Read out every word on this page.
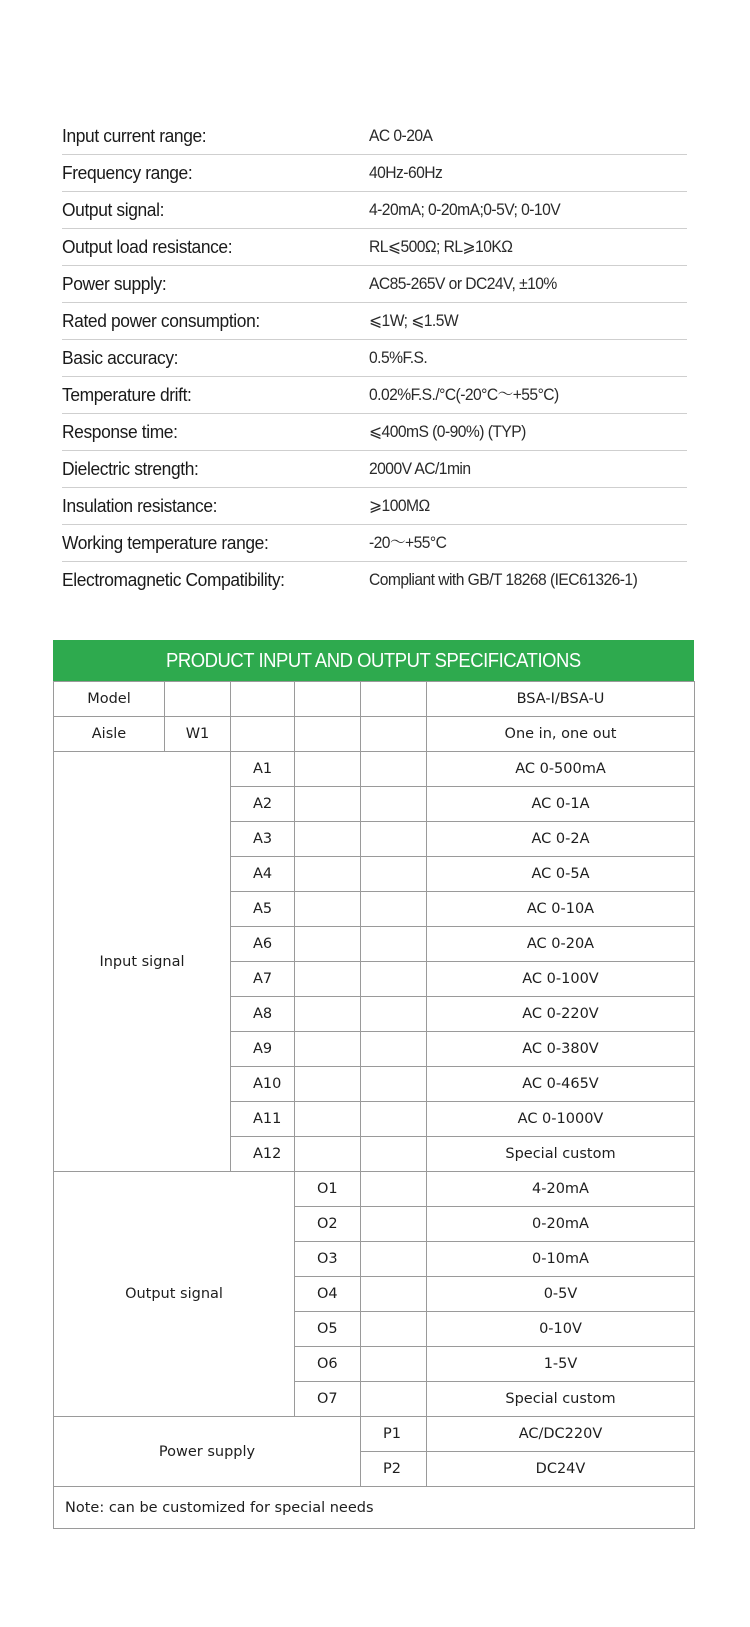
Input current range:	AC 0-20A
Frequency range:	40Hz-60Hz
Output signal:	4-20mA; 0-20mA;0-5V; 0-10V
Output load resistance:	RL⩽500Ω; RL⩾10KΩ
Power supply:	AC85-265V or DC24V, ±10%
Rated power consumption:	⩽1W; ⩽1.5W
Basic accuracy:	0.5%F.S.
Temperature drift:	0.02%F.S./°C(-20°C～+55°C)
Response time:	⩽400mS (0-90%) (TYP)
Dielectric strength:	2000V AC/1min
Insulation resistance:	⩾100MΩ
Working temperature range:	-20～+55°C
Electromagnetic Compatibility:	Compliant with GB/T 18268 (IEC61326-1)
PRODUCT INPUT AND OUTPUT SPECIFICATIONS
Model					BSA-I/BSA-U
Aisle	W1				One in, one out
Input signal		A1			AC 0-500mA
		A2			AC 0-1A
		A3			AC 0-2A
		A4			AC 0-5A
		A5			AC 0-10A
		A6			AC 0-20A
		A7			AC 0-100V
		A8			AC 0-220V
		A9			AC 0-380V
		A10			AC 0-465V
		A11			AC 0-1000V
		A12			Special custom
Output signal			O1		4-20mA
			O2		0-20mA
			O3		0-10mA
			O4		0-5V
			O5		0-10V
			O6		1-5V
			O7		Special custom
Power supply				P1	AC/DC220V
				P2	DC24V
Note: can be customized for special needs					
